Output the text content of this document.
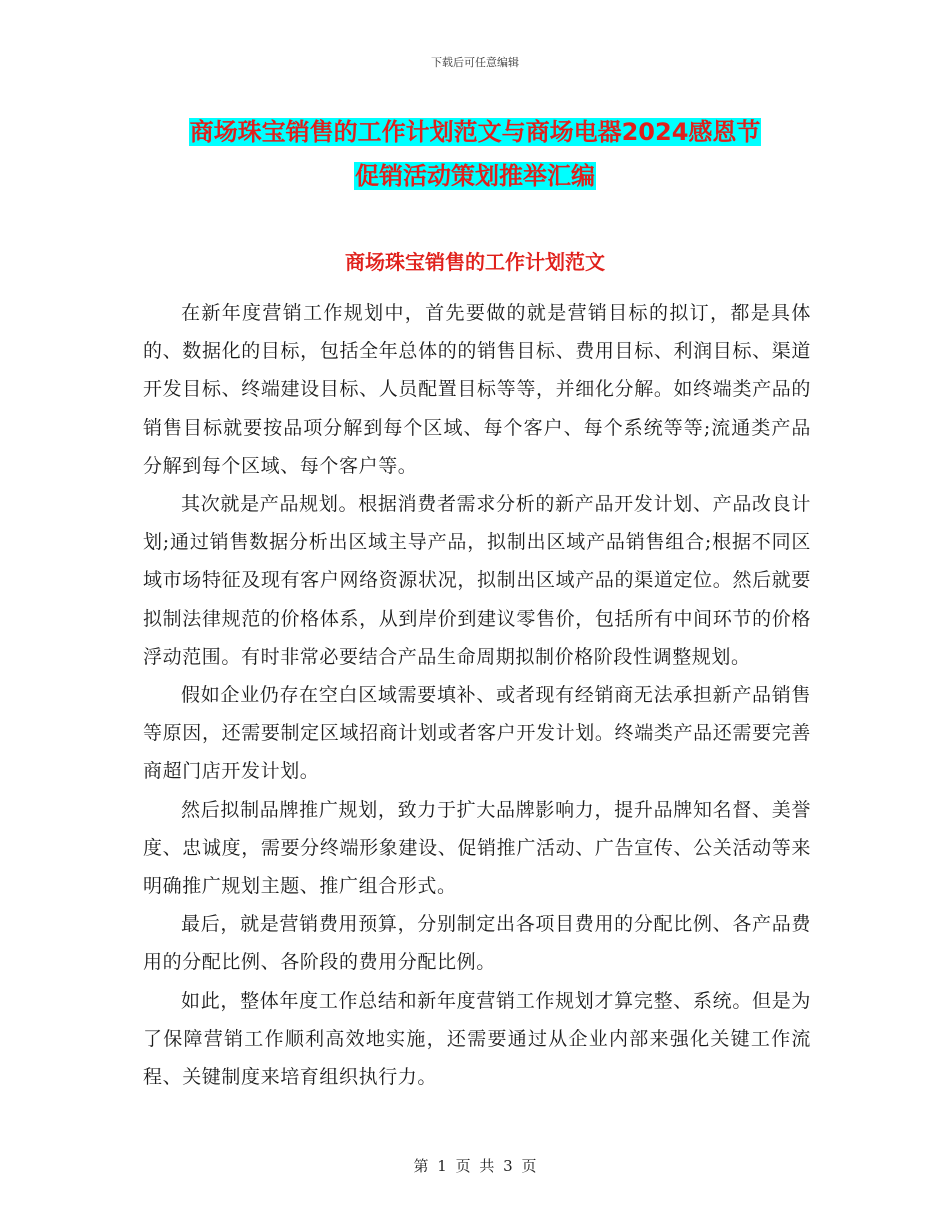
下载后可任意编辑
商场珠宝销售的工作计划范文与商场电器2024感恩节
促销活动策划推举汇编
商场珠宝销售的工作计划范文

在新年度营销工作规划中，首先要做的就是营销目标的拟订，都是具体的、数据化的目标，包括全年总体的的销售目标、费用目标、利润目标、渠道开发目标、终端建设目标、人员配置目标等等，并细化分解。如终端类产品的销售目标就要按品项分解到每个区域、每个客户、每个系统等等;流通类产品分解到每个区域、每个客户等。

其次就是产品规划。根据消费者需求分析的新产品开发计划、产品改良计划;通过销售数据分析出区域主导产品，拟制出区域产品销售组合;根据不同区域市场特征及现有客户网络资源状况，拟制出区域产品的渠道定位。然后就要拟制法律规范的价格体系，从到岸价到建议零售价，包括所有中间环节的价格浮动范围。有时非常必要结合产品生命周期拟制价格阶段性调整规划。

假如企业仍存在空白区域需要填补、或者现有经销商无法承担新产品销售等原因，还需要制定区域招商计划或者客户开发计划。终端类产品还需要完善商超门店开发计划。

然后拟制品牌推广规划，致力于扩大品牌影响力，提升品牌知名督、美誉度、忠诚度，需要分终端形象建设、促销推广活动、广告宣传、公关活动等来明确推广规划主题、推广组合形式。

最后，就是营销费用预算，分别制定出各项目费用的分配比例、各产品费用的分配比例、各阶段的费用分配比例。

如此，整体年度工作总结和新年度营销工作规划才算完整、系统。但是为了保障营销工作顺利高效地实施，还需要通过从企业内部来强化关键工作流程、关键制度来培育组织执行力。

第 1 页 共 3 页
